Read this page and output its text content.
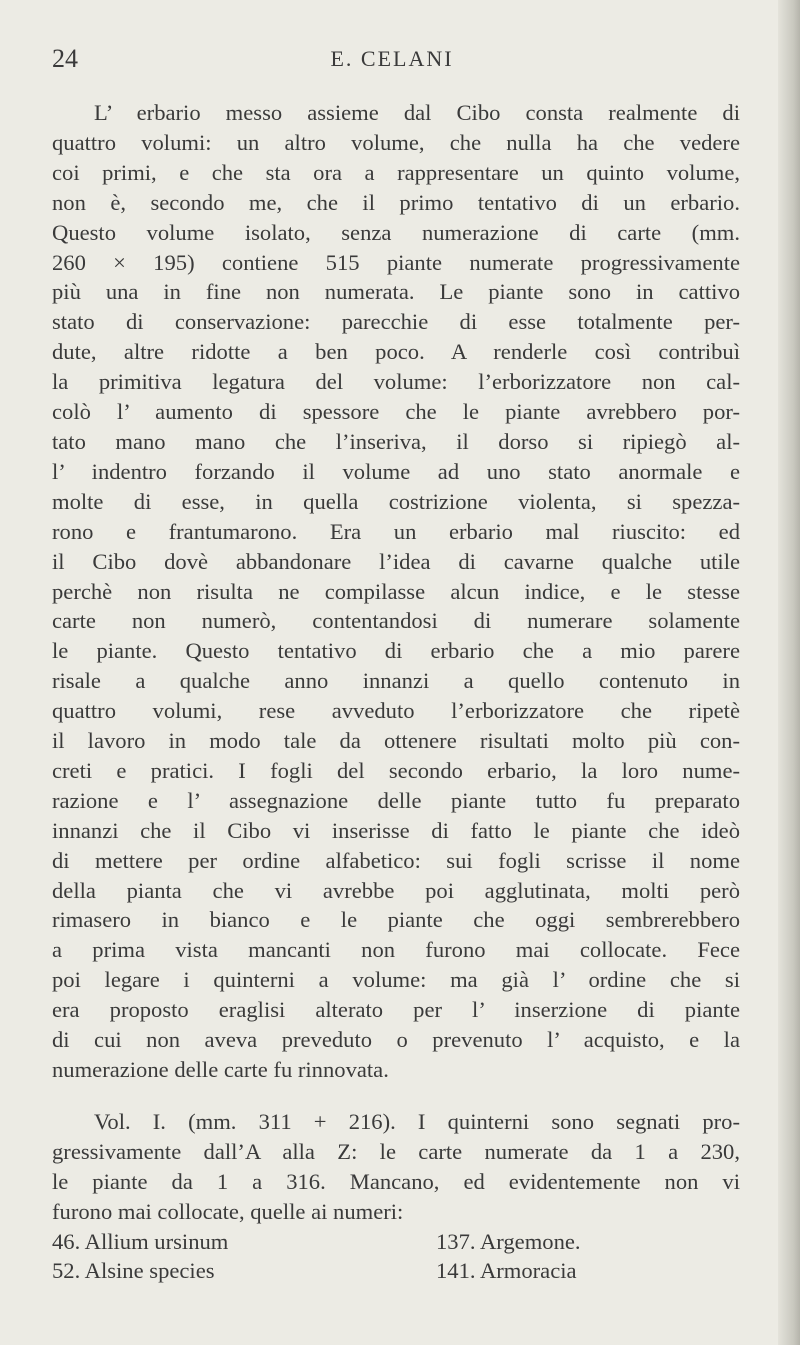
24	E. CELANI

L’ erbario messo assieme dal Cibo consta realmente di

quattro volumi: un altro volume, che nulla ha che vedere

coi primi, e che sta ora a rappresentare un quinto volume,

non è, secondo me, che il primo tentativo di un erbario.

Questo volume isolato, senza numerazione di carte (mm.

260 × 195) contiene 515 piante numerate progressivamente

più una in fine non numerata. Le piante sono in cattivo

stato di conservazione: parecchie di esse totalmente per-

dute, altre ridotte a ben poco. A renderle così contribuì

la primitiva legatura del volume: l’erborizzatore non cal-

colò l’ aumento di spessore che le piante avrebbero por-

tato mano mano che l’inseriva, il dorso si ripiegò al-

l’ indentro forzando il volume ad uno stato anormale e

molte di esse, in quella costrizione violenta, si spezza-

rono e frantumarono. Era un erbario mal riuscito: ed

il Cibo dovè abbandonare l’idea di cavarne qualche utile

perchè non risulta ne compilasse alcun indice, e le stesse

carte non numerò, contentandosi di numerare solamente

le piante. Questo tentativo di erbario che a mio parere

risale a qualche anno innanzi a quello contenuto in

quattro volumi, rese avveduto l’erborizzatore che ripetè

il lavoro in modo tale da ottenere risultati molto più con-

creti e pratici. I fogli del secondo erbario, la loro nume-

razione e l’ assegnazione delle piante tutto fu preparato

innanzi che il Cibo vi inserisse di fatto le piante che ideò

di mettere per ordine alfabetico: sui fogli scrisse il nome

della pianta che vi avrebbe poi agglutinata, molti però

rimasero in bianco e le piante che oggi sembrerebbero

a prima vista mancanti non furono mai collocate. Fece

poi legare i quinterni a volume: ma già l’ ordine che si

era proposto eraglisi alterato per l’ inserzione di piante

di cui non aveva preveduto o prevenuto l’ acquisto, e la

numerazione delle carte fu rinnovata.

Vol. I. (mm. 311 + 216). I quinterni sono segnati pro-

gressivamente dall’A alla Z: le carte numerate da 1 a 230,

le piante da 1 a 316. Mancano, ed evidentemente non vi

furono mai collocate, quelle ai numeri:

46. Allium ursinum	137. Argemone.
52. Alsine species	141. Armoracia
